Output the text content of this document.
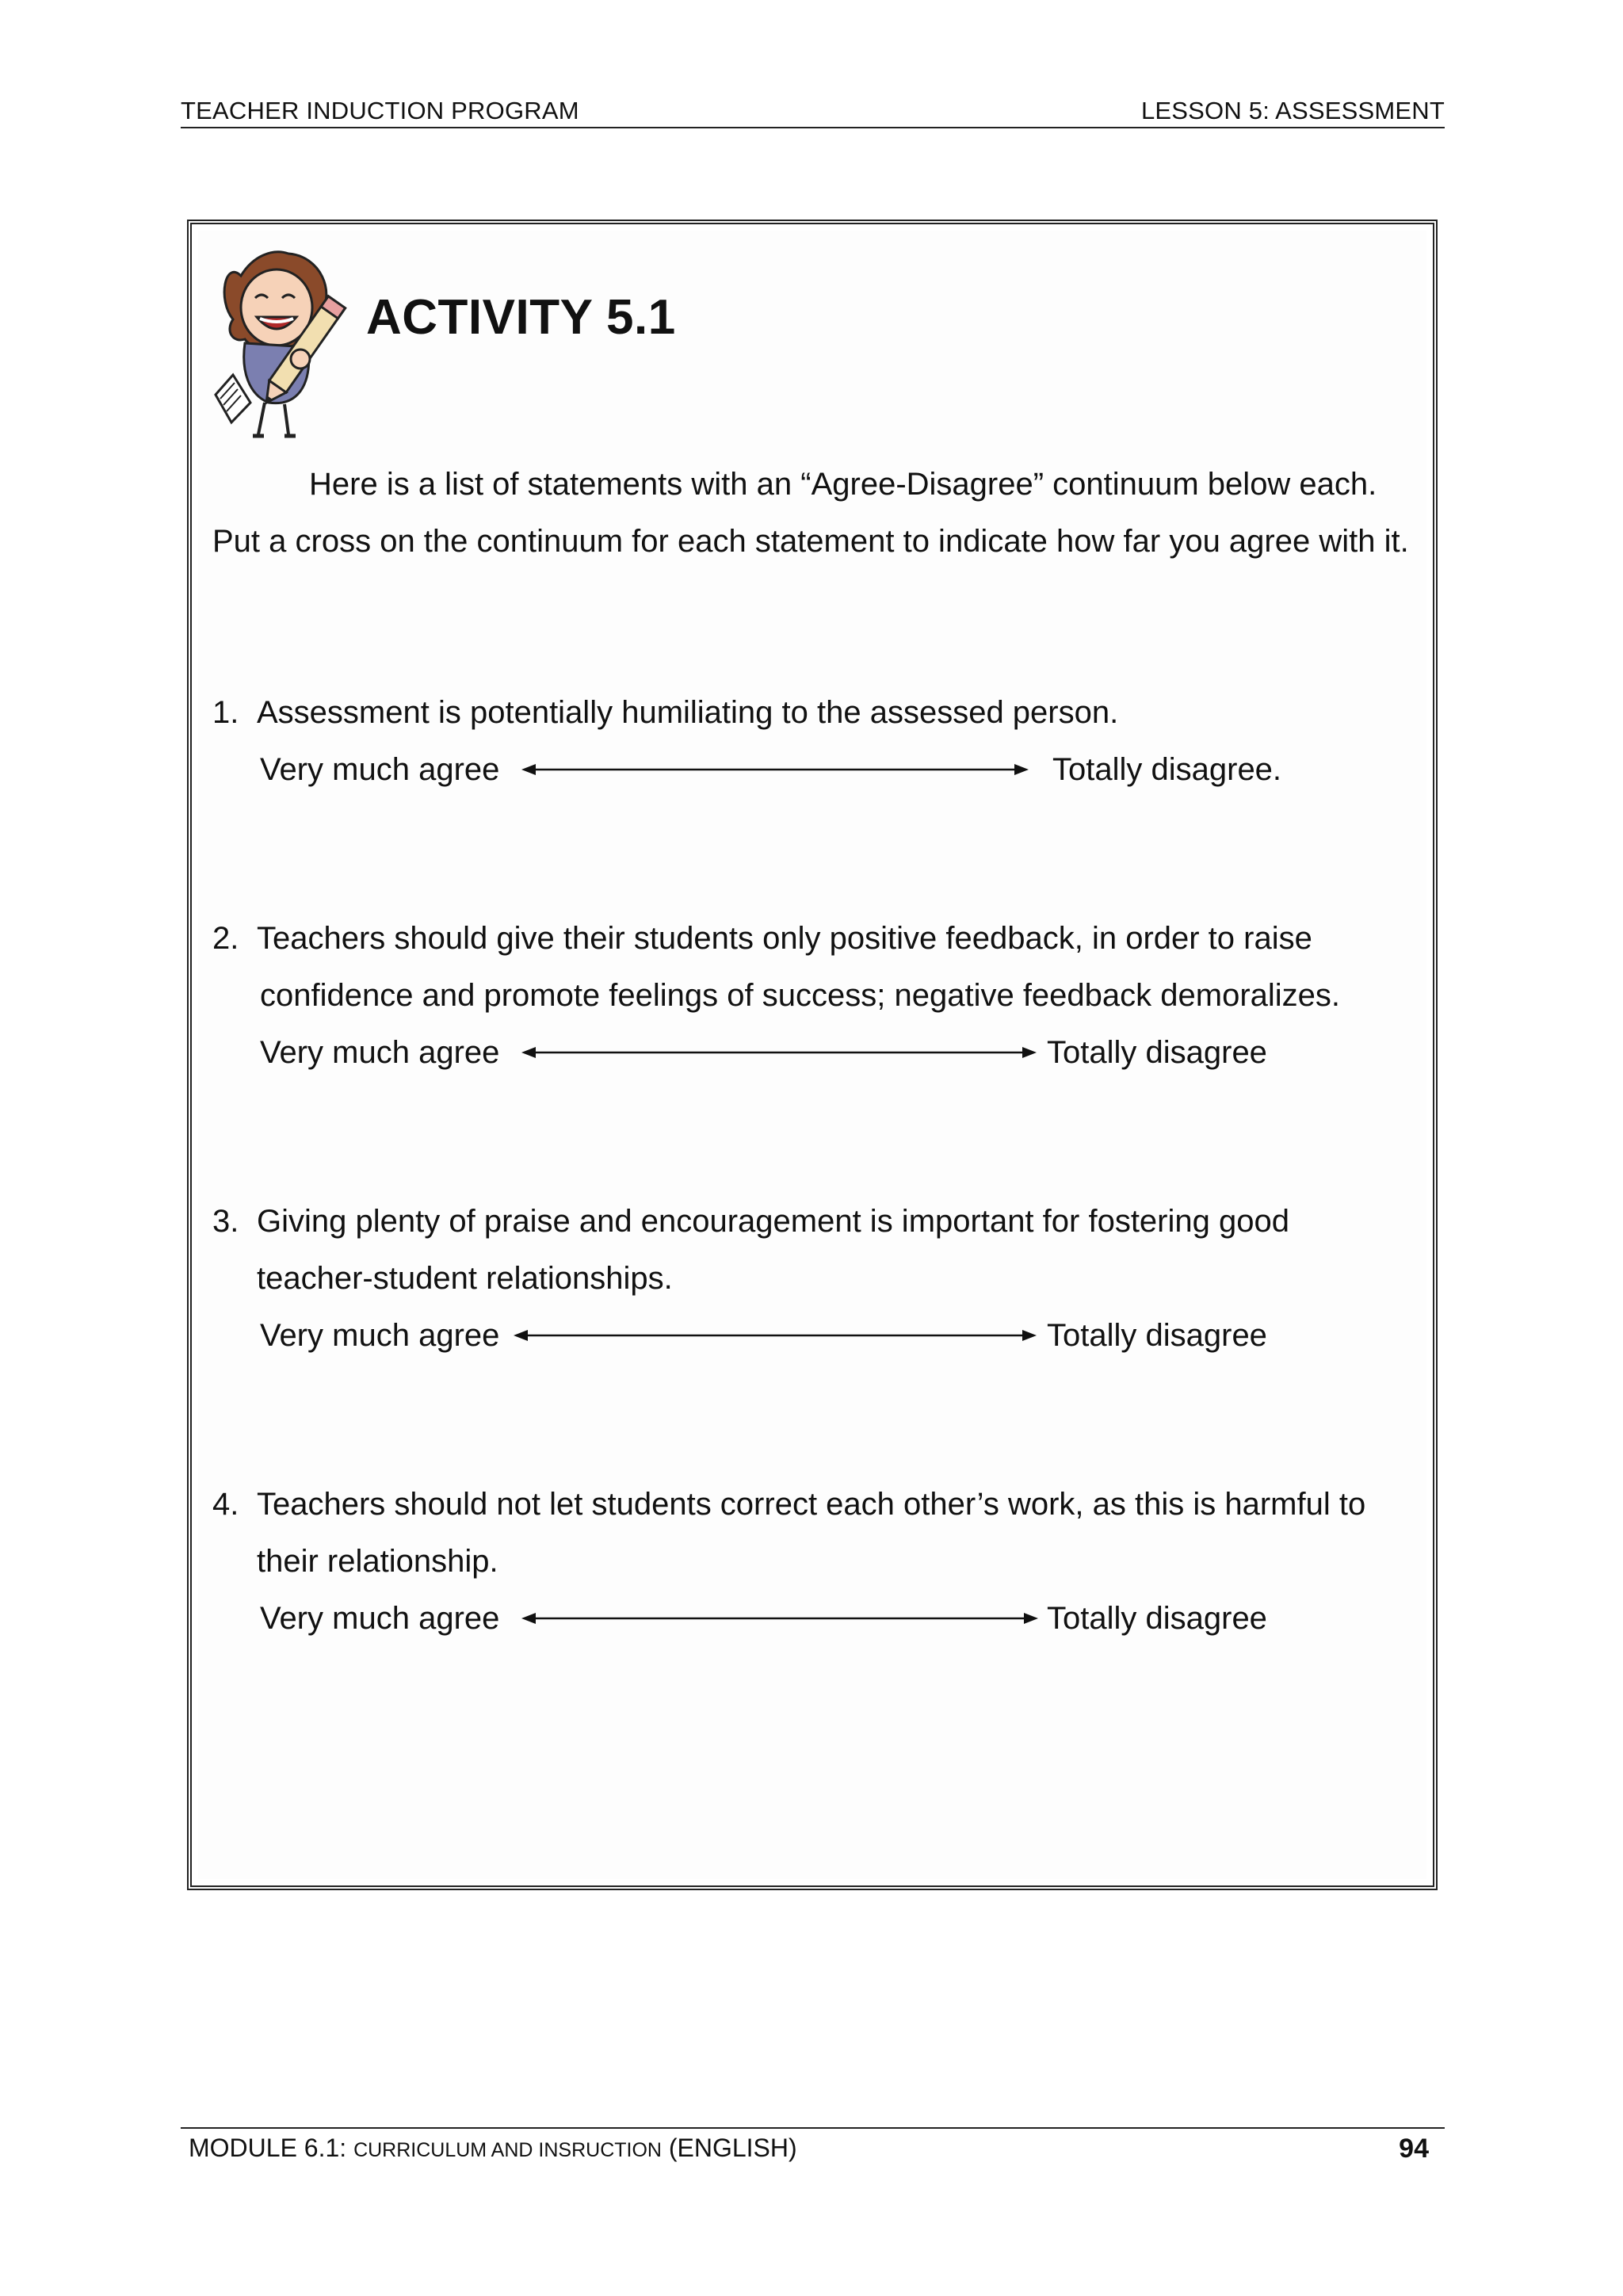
TEACHER INDUCTION PROGRAM	LESSON 5: ASSESSMENT
ACTIVITY 5.1
Here is a list of statements with an “Agree-Disagree” continuum below each. Put a cross on the continuum for each statement to indicate how far you agree with it.
1. Assessment is potentially humiliating to the assessed person.
Very much agree	Totally disagree.
2. Teachers should give their students only positive feedback, in order to raise
confidence and promote feelings of success; negative feedback demoralizes.
Very much agree	Totally disagree
3. Giving plenty of praise and encouragement is important for fostering good
teacher-student relationships.
Very much agree	Totally disagree
4. Teachers should not let students correct each other’s work, as this is harmful to
their relationship.
Very much agree	Totally disagree
MODULE 6.1: CURRICULUM AND INSRUCTION (ENGLISH)	94
